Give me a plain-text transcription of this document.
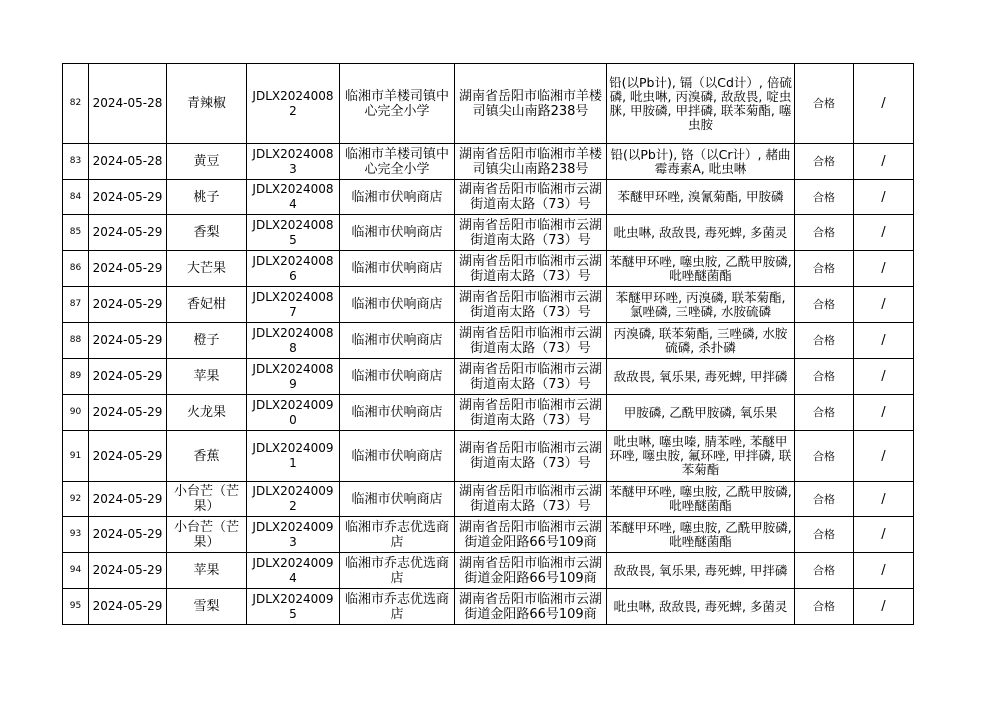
82	2024-05-28	青辣椒	JDLX20240082	临湘市羊楼司镇中心完全小学	湖南省岳阳市临湘市羊楼司镇尖山南路238号	铅(以Pb计), 镉（以Cd计）, 倍硫磷, 吡虫啉, 丙溴磷, 敌敌畏, 啶虫脒, 甲胺磷, 甲拌磷, 联苯菊酯, 噻虫胺	合格	/
83	2024-05-28	黄豆	JDLX20240083	临湘市羊楼司镇中心完全小学	湖南省岳阳市临湘市羊楼司镇尖山南路238号	铅(以Pb计), 铬（以Cr计）, 赭曲霉毒素A, 吡虫啉	合格	/
84	2024-05-29	桃子	JDLX20240084	临湘市伏响商店	湖南省岳阳市临湘市云湖街道南太路（73）号	苯醚甲环唑, 溴氰菊酯, 甲胺磷	合格	/
85	2024-05-29	香梨	JDLX20240085	临湘市伏响商店	湖南省岳阳市临湘市云湖街道南太路（73）号	吡虫啉, 敌敌畏, 毒死蜱, 多菌灵	合格	/
86	2024-05-29	大芒果	JDLX20240086	临湘市伏响商店	湖南省岳阳市临湘市云湖街道南太路（73）号	苯醚甲环唑, 噻虫胺, 乙酰甲胺磷, 吡唑醚菌酯	合格	/
87	2024-05-29	香妃柑	JDLX20240087	临湘市伏响商店	湖南省岳阳市临湘市云湖街道南太路（73）号	苯醚甲环唑, 丙溴磷, 联苯菊酯, 氯唑磷, 三唑磷, 水胺硫磷	合格	/
88	2024-05-29	橙子	JDLX20240088	临湘市伏响商店	湖南省岳阳市临湘市云湖街道南太路（73）号	丙溴磷, 联苯菊酯, 三唑磷, 水胺硫磷, 杀扑磷	合格	/
89	2024-05-29	苹果	JDLX20240089	临湘市伏响商店	湖南省岳阳市临湘市云湖街道南太路（73）号	敌敌畏, 氧乐果, 毒死蜱, 甲拌磷	合格	/
90	2024-05-29	火龙果	JDLX20240090	临湘市伏响商店	湖南省岳阳市临湘市云湖街道南太路（73）号	甲胺磷, 乙酰甲胺磷, 氧乐果	合格	/
91	2024-05-29	香蕉	JDLX20240091	临湘市伏响商店	湖南省岳阳市临湘市云湖街道南太路（73）号	吡虫啉, 噻虫嗪, 腈苯唑, 苯醚甲环唑, 噻虫胺, 氟环唑, 甲拌磷, 联苯菊酯	合格	/
92	2024-05-29	小台芒（芒果）	JDLX20240092	临湘市伏响商店	湖南省岳阳市临湘市云湖街道南太路（73）号	苯醚甲环唑, 噻虫胺, 乙酰甲胺磷, 吡唑醚菌酯	合格	/
93	2024-05-29	小台芒（芒果）	JDLX20240093	临湘市乔志优选商店	湖南省岳阳市临湘市云湖街道金阳路66号109商	苯醚甲环唑, 噻虫胺, 乙酰甲胺磷, 吡唑醚菌酯	合格	/
94	2024-05-29	苹果	JDLX20240094	临湘市乔志优选商店	湖南省岳阳市临湘市云湖街道金阳路66号109商	敌敌畏, 氧乐果, 毒死蜱, 甲拌磷	合格	/
95	2024-05-29	雪梨	JDLX20240095	临湘市乔志优选商店	湖南省岳阳市临湘市云湖街道金阳路66号109商	吡虫啉, 敌敌畏, 毒死蜱, 多菌灵	合格	/
